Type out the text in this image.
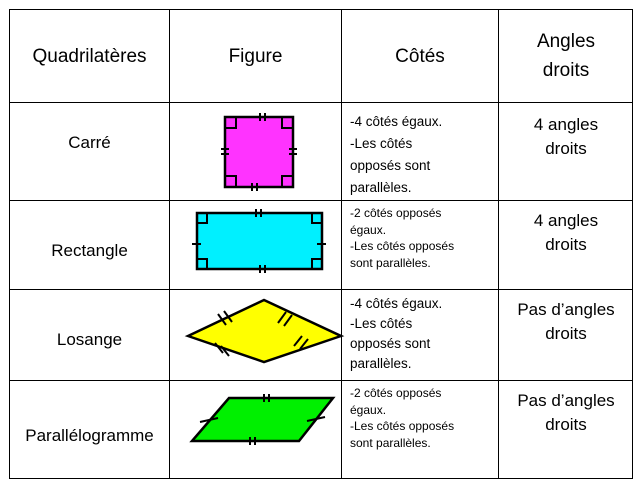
Quadrilatères	Figure	Côtés
Angles
droits
Carré
-4 côtés égaux.
-Les côtés
opposés sont
parallèles.
4 angles
droits
Rectangle
-2 côtés opposés
égaux.
-Les côtés opposés
sont parallèles.
4 angles
droits
Losange
-4 côtés égaux.
-Les côtés
opposés sont
parallèles.
Pas d’angles
droits
Parallélogramme
-2 côtés opposés
égaux.
-Les côtés opposés
sont parallèles.
Pas d’angles
droits
